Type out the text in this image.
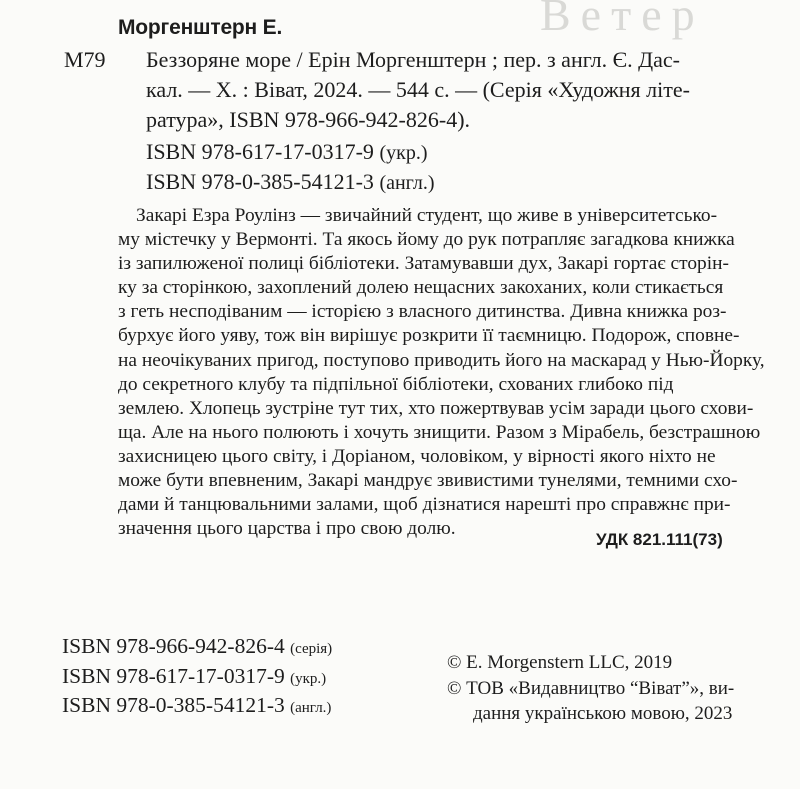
Ветер
Моргенштерн Е.
М79 Беззоряне море / Ерін Моргенштерн ; пер. з англ. Є. Дас-
кал. — Х. : Віват, 2024. — 544 с. — (Серія «Художня літе-
ратура», ISBN 978-966-942-826-4).
ISBN 978-617-17-0317-9 (укр.)
ISBN 978-0-385-54121-3 (англ.)
Закарі Езра Роулінз — звичайний студент, що живе в університетсько-
му містечку у Вермонті. Та якось йому до рук потрапляє загадкова книжка
із запилюженої полиці бібліотеки. Затамувавши дух, Закарі гортає сторін-
ку за сторінкою, захоплений долею нещасних закоханих, коли стикається
з геть несподіваним — історією з власного дитинства. Дивна книжка роз-
бурхує його уяву, тож він вирішує розкрити її таємницю. Подорож, сповне-
на неочікуваних пригод, поступово приводить його на маскарад у Нью-Йорку,
до секретного клубу та підпільної бібліотеки, схованих глибоко під
землею. Хлопець зустріне тут тих, хто пожертвував усім заради цього схови-
ща. Але на нього полюють і хочуть знищити. Разом з Мірабель, безстрашною
захисницею цього світу, і Доріаном, чоловіком, у вірності якого ніхто не
може бути впевненим, Закарі мандрує звивистими тунелями, темними схо-
дами й танцювальними залами, щоб дізнатися нарешті про справжнє при-
значення цього царства і про свою долю.
УДК 821.111(73)
ISBN 978-966-942-826-4 (серія)
ISBN 978-617-17-0317-9 (укр.)
ISBN 978-0-385-54121-3 (англ.)
© E. Morgenstern LLC, 2019
© ТОВ «Видавництво “Віват”», ви-
дання українською мовою, 2023
